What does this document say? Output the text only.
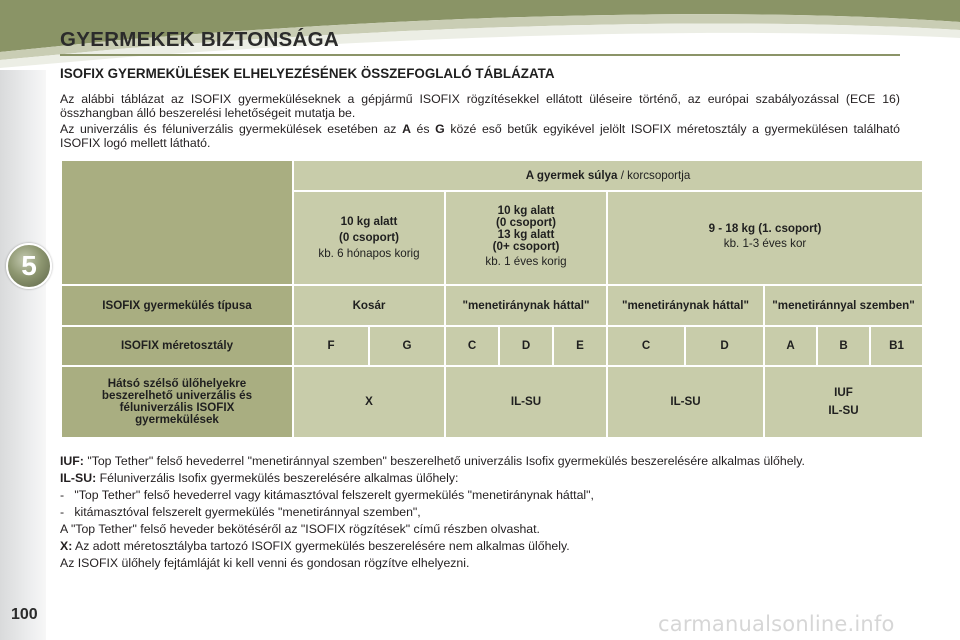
5
GYERMEKEK BIZTONSÁGA
ISOFIX GYERMEKÜLÉSEK ELHELYEZÉSÉNEK ÖSSZEFOGLALÓ TÁBLÁZATA

Az alábbi táblázat az ISOFIX gyermeküléseknek a gépjármű ISOFIX rögzítésekkel ellátott üléseire történő, az európai szabályozással (ECE 16) összhangban álló beszerelési lehetőségeit mutatja be.

Az univerzális és féluniverzális gyermekülések esetében az A és G közé eső betűk egyikével jelölt ISOFIX méretosztály a gyermekülésen található ISOFIX logó mellett látható.

	A gyermek súlya / korcsoportja									
	10 kg alatt
(0 csoport)
kb. 6 hónapos korig		10 kg alatt
(0 csoport)
13 kg alatt
(0+ csoport)
kb. 1 éves korig			9 - 18 kg (1. csoport)
kb. 1-3 éves kor				
ISOFIX gyermekülés típusa	Kosár		"menetiránynak háttal"			"menetiránynak háttal"		"menetiránnyal szemben"		
ISOFIX méretosztály	F	G	C	D	E	C	D	A	B	B1
Hátsó szélső ülőhelyekre beszerelhető univerzális és féluniverzális ISOFIX gyermekülések	X		IL-SU			IL-SU		IUF
IL-SU		
IUF: "Top Tether" felső hevederrel "menetiránnyal szemben" beszerelhető univerzális Isofix gyermekülés beszerelésére alkalmas ülőhely.
IL-SU: Féluniverzális Isofix gyermekülés beszerelésére alkalmas ülőhely:
-   "Top Tether" felső hevederrel vagy kitámasztóval felszerelt gyermekülés "menetiránynak háttal",
-   kitámasztóval felszerelt gyermekülés "menetiránnyal szemben",
A "Top Tether" felső heveder bekötéséről az "ISOFIX rögzítések" című részben olvashat.
X: Az adott méretosztályba tartozó ISOFIX gyermekülés beszerelésére nem alkalmas ülőhely.
Az ISOFIX ülőhely fejtámláját ki kell venni és gondosan rögzítve elhelyezni.
100	carmanualsonline.info
